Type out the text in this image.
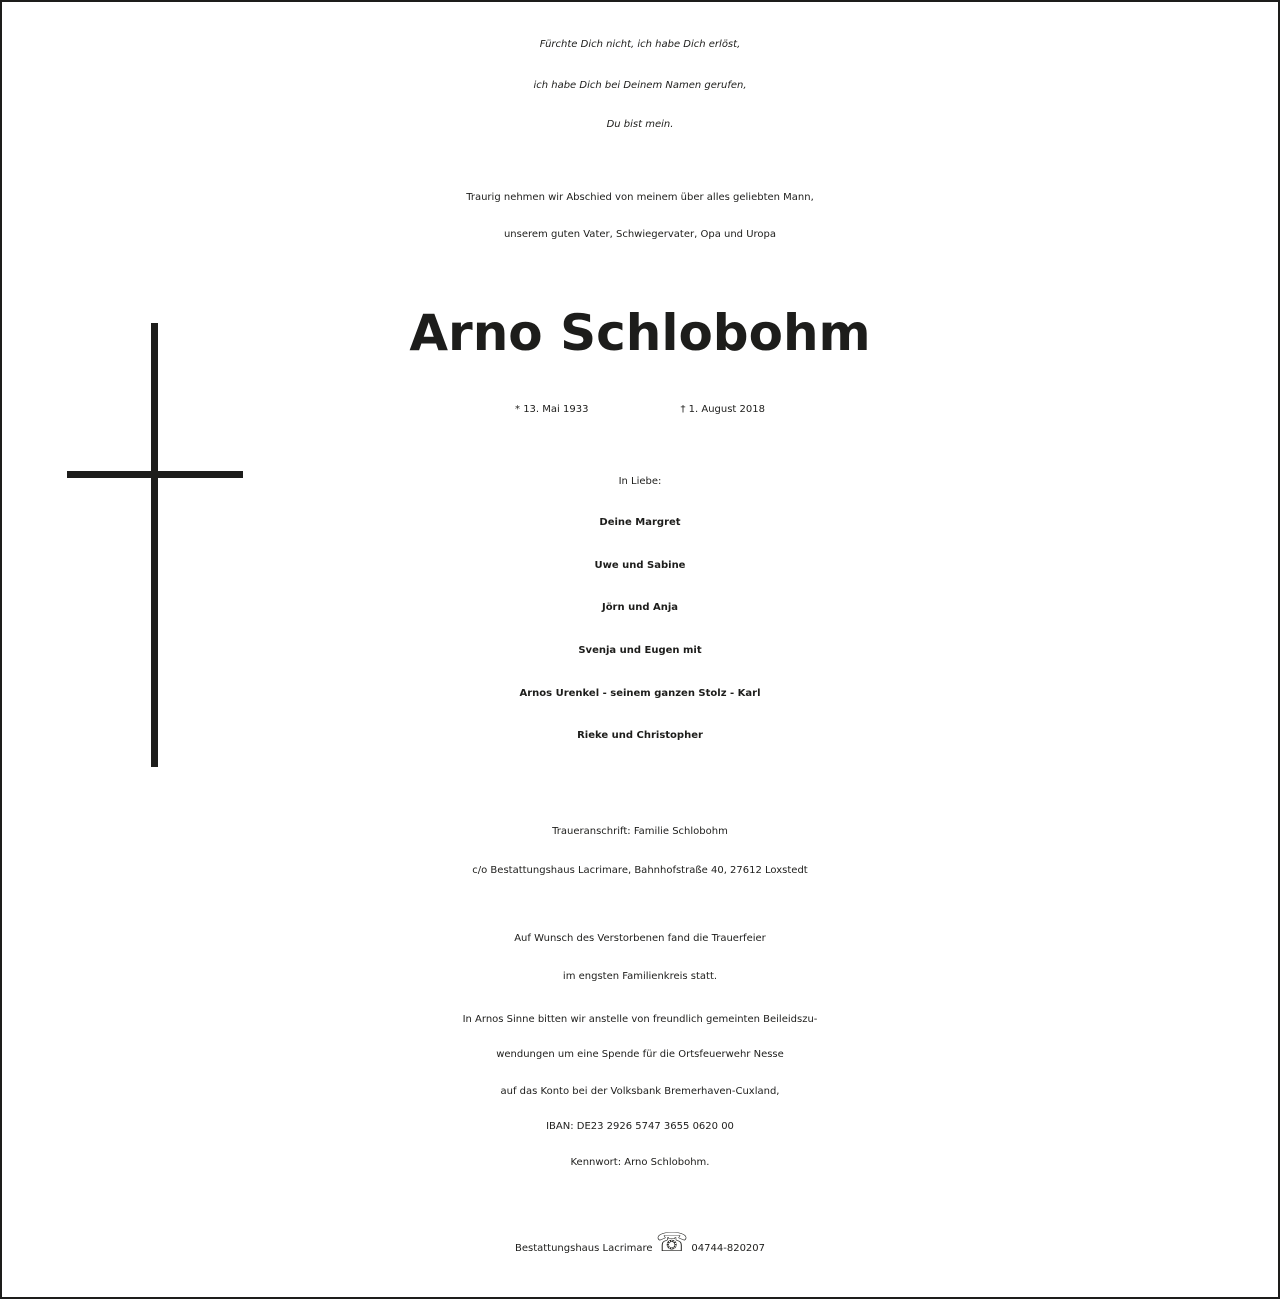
Fürchte Dich nicht, ich habe Dich erlöst,
ich habe Dich bei Deinem Namen gerufen,
Du bist mein.
Traurig nehmen wir Abschied von meinem über alles geliebten Mann,
unserem guten Vater, Schwiegervater, Opa und Uropa
Arno Schlobohm
* 13. Mai 1933	† 1. August 2018
In Liebe:
Deine Margret
Uwe und Sabine
Jörn und Anja
Svenja und Eugen mit
Arnos Urenkel - seinem ganzen Stolz - Karl
Rieke und Christopher
Traueranschrift: Familie Schlobohm
c/o Bestattungshaus Lacrimare, Bahnhofstraße 40, 27612 Loxstedt
Auf Wunsch des Verstorbenen fand die Trauerfeier
im engsten Familienkreis statt.
In Arnos Sinne bitten wir anstelle von freundlich gemeinten Beileidszu-
wendungen um eine Spende für die Ortsfeuerwehr Nesse
auf das Konto bei der Volksbank Bremerhaven-Cuxland,
IBAN: DE23 2926 5747 3655 0620 00
Kennwort: Arno Schlobohm.
Bestattungshaus Lacrimare ☏ 04744-820207
